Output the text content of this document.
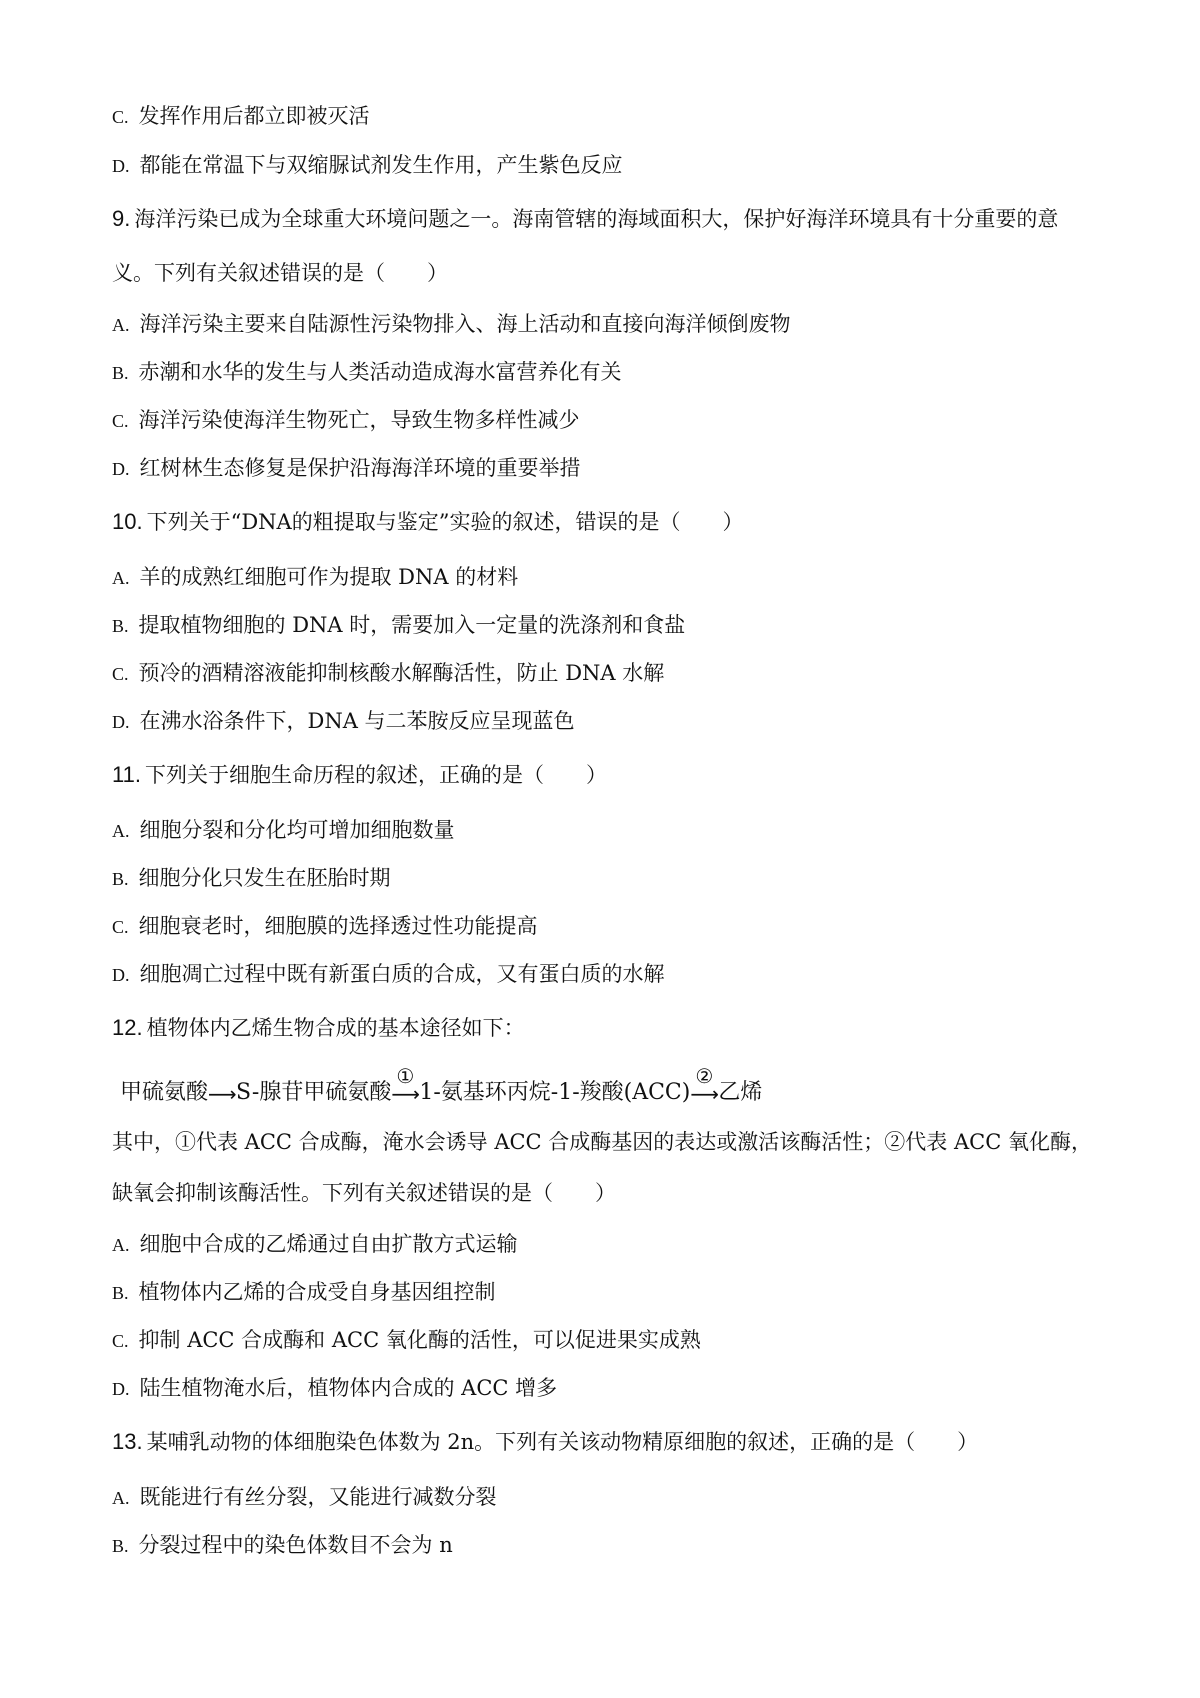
C. 发挥作用后都立即被灭活
D. 都能在常温下与双缩脲试剂发生作用，产生紫色反应
9. 海洋污染已成为全球重大环境问题之一。海南管辖的海域面积大，保护好海洋环境具有十分重要的意
义。下列有关叙述错误的是（　　）
A. 海洋污染主要来自陆源性污染物排入、海上活动和直接向海洋倾倒废物
B. 赤潮和水华的发生与人类活动造成海水富营养化有关
C. 海洋污染使海洋生物死亡，导致生物多样性减少
D. 红树林生态修复是保护沿海海洋环境的重要举措
10. 下列关于“DNA的粗提取与鉴定”实验的叙述，错误的是（　　）
A. 羊的成熟红细胞可作为提取 DNA 的材料
B. 提取植物细胞的 DNA 时，需要加入一定量的洗涤剂和食盐
C. 预冷的酒精溶液能抑制核酸水解酶活性，防止 DNA 水解
D. 在沸水浴条件下，DNA 与二苯胺反应呈现蓝色
11. 下列关于细胞生命历程的叙述，正确的是（　　）
A. 细胞分裂和分化均可增加细胞数量
B. 细胞分化只发生在胚胎时期
C. 细胞衰老时，细胞膜的选择透过性功能提高
D. 细胞凋亡过程中既有新蛋白质的合成，又有蛋白质的水解
12. 植物体内乙烯生物合成的基本途径如下：
甲硫氨酸⟶S-腺苷甲硫氨酸
①
⟶1-氨基环丙烷-1-羧酸(ACC)
②
⟶乙烯
其中，①代表 ACC 合成酶，淹水会诱导 ACC 合成酶基因的表达或激活该酶活性；②代表 ACC 氧化酶，
缺氧会抑制该酶活性。下列有关叙述错误的是（　　）
A. 细胞中合成的乙烯通过自由扩散方式运输
B. 植物体内乙烯的合成受自身基因组控制
C. 抑制 ACC 合成酶和 ACC 氧化酶的活性，可以促进果实成熟
D. 陆生植物淹水后，植物体内合成的 ACC 增多
13. 某哺乳动物的体细胞染色体数为 2n。下列有关该动物精原细胞的叙述，正确的是（　　）
A. 既能进行有丝分裂，又能进行减数分裂
B. 分裂过程中的染色体数目不会为 n
